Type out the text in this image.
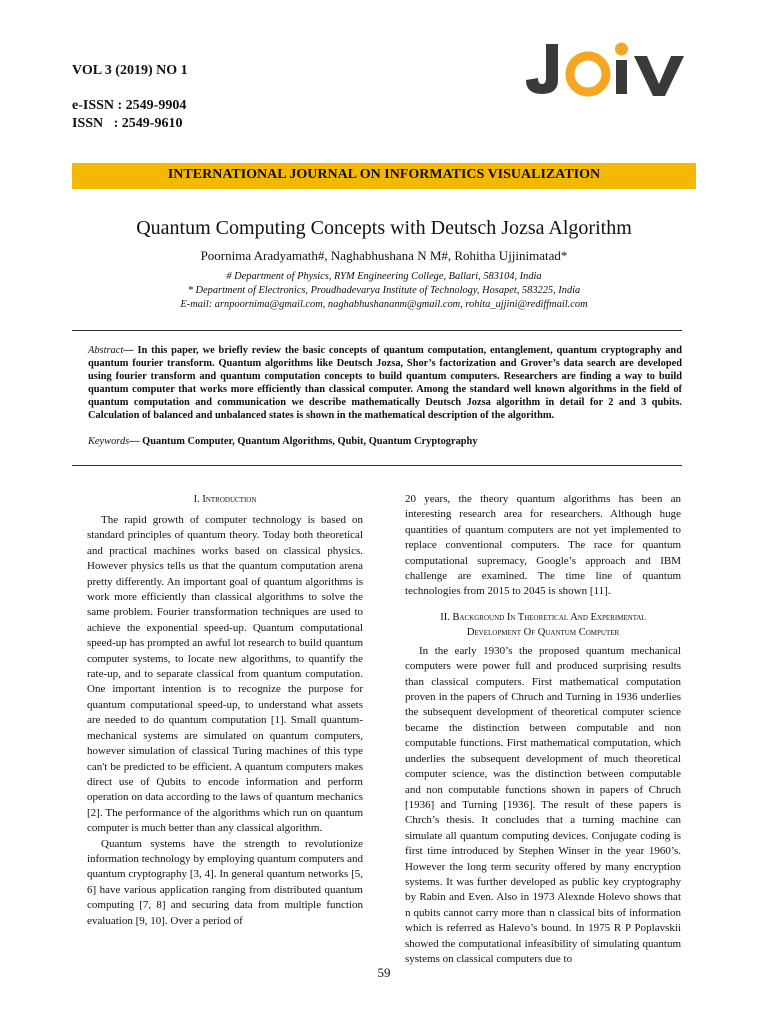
VOL 3 (2019) NO 1
e-ISSN : 2549-9904
ISSN   : 2549-9610
INTERNATIONAL JOURNAL ON INFORMATICS VISUALIZATION
Quantum Computing Concepts with Deutsch Jozsa Algorithm
Poornima Aradyamath#, Naghabhushana N M#, Rohitha Ujjinimatad*
# Department of Physics, RYM Engineering College, Ballari, 583104, India
* Department of Electronics, Proudhadevarya Institute of Technology, Hosapet, 583225, India
E-mail: arnpoornima@gmail.com, naghabhushananm@gmail.com, rohita_ujjini@rediffmail.com
Abstract— In this paper, we briefly review the basic concepts of quantum computation, entanglement, quantum cryptography and quantum fourier transform. Quantum algorithms like Deutsch Jozsa, Shor’s factorization and Grover’s data search are developed using fourier transform and quantum computation concepts to build quantum computers. Researchers are finding a way to build quantum computer that works more efficiently than classical computer. Among the standard well known algorithms in the field of quantum computation and communication we describe mathematically Deutsch Jozsa algorithm in detail for 2 and 3 qubits. Calculation of balanced and unbalanced states is shown in the mathematical description of the algorithm.
Keywords— Quantum Computer, Quantum Algorithms, Qubit, Quantum Cryptography
I. Introduction

The rapid growth of computer technology is based on standard principles of quantum theory. Today both theoretical and practical machines works based on classical physics. However physics tells us that the quantum computation arena pretty differently. An important goal of quantum algorithms is work more efficiently than classical algorithms to solve the same problem. Fourier transformation techniques are used to achieve the exponential speed-up. Quantum computational speed-up has prompted an awful lot research to build quantum computer systems, to locate new algorithms, to quantify the rate-up, and to separate classical from quantum computation. One important intention is to recognize the purpose for quantum computational speed-up, to understand what assets are needed to do quantum computation [1]. Small quantum-mechanical systems are simulated on quantum computers, however simulation of classical Turing machines of this type can't be predicted to be efficient. A quantum computers makes direct use of Qubits to encode information and perform operation on data according to the laws of quantum mechanics [2]. The performance of the algorithms which run on quantum computer is much better than any classical algorithm.

Quantum systems have the strength to revolutionize information technology by employing quantum computers and quantum cryptography [3, 4]. In general quantum networks [5, 6] have various application ranging from distributed quantum computing [7, 8] and securing data from multiple function evaluation [9, 10]. Over a period of

20 years, the theory quantum algorithms has been an interesting research area for researchers. Although huge quantities of quantum computers are not yet implemented to replace conventional computers. The race for quantum computational supremacy, Google’s approach and IBM challenge are examined. The time line of quantum technologies from 2015 to 2045 is shown [11].

II. Background In Theoretical And Experimental
Development Of Quantum Computer

In the early 1930’s the proposed quantum mechanical computers were power full and produced surprising results than classical computers. First mathematical computation proven in the papers of Chruch and Turning in 1936 underlies the subsequent development of theoretical computer science became the distinction between computable and non computable functions. First mathematical computation, which underlies the subsequent development of much theoretical computer science, was the distinction between computable and non computable functions shown in papers of Chruch [1936] and Turning [1936]. The result of these papers is Chrch’s thesis. It concludes that a turning machine can simulate all quantum computing devices. Conjugate coding is first time introduced by Stephen Winser in the year 1960’s. However the long term security offered by many encryption systems. It was further developed as public key cryptography by Rabin and Even. Also in 1973 Alexnde Holevo shows that n qubits cannot carry more than n classical bits of information which is referred as Halevo’s bound. In 1975 R P Poplavskii showed the computational infeasibility of simulating quantum systems on classical computers due to

59
